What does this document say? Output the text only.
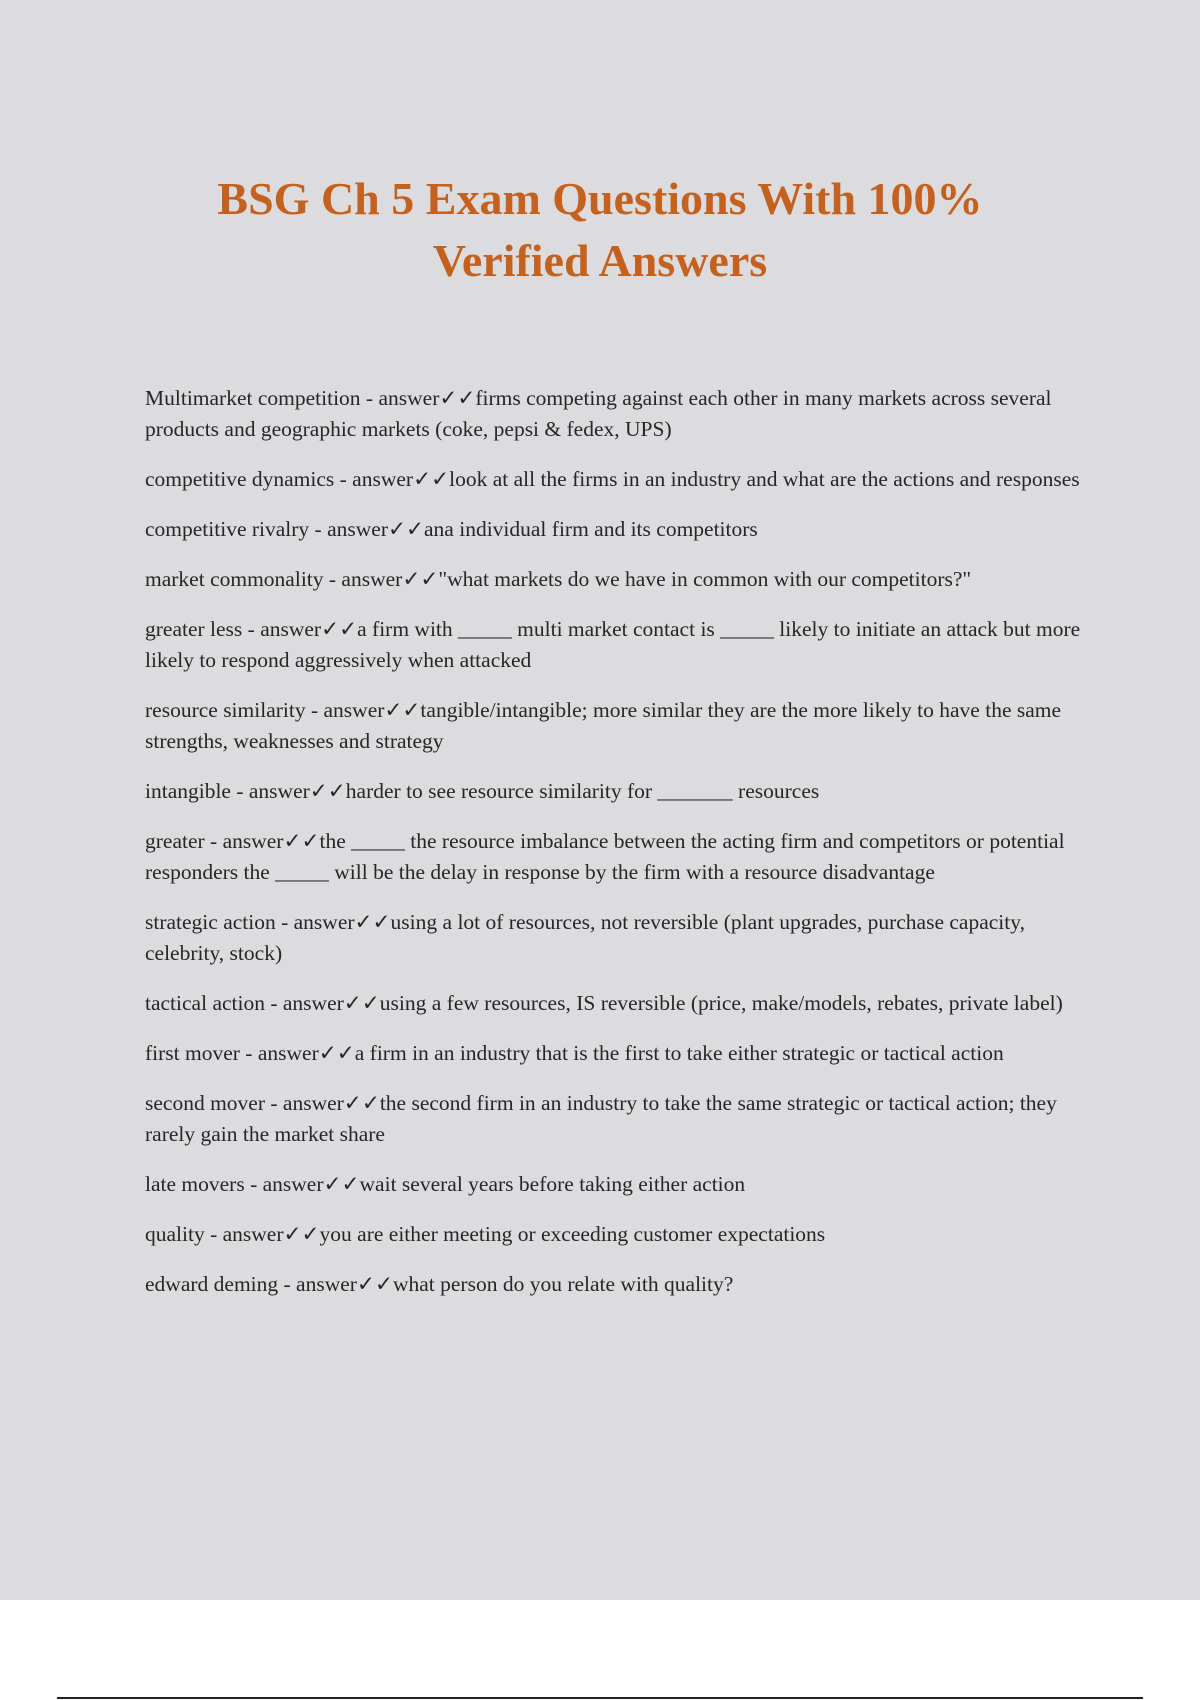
BSG Ch 5 Exam Questions With 100%
Verified Answers
Multimarket competition - answer✓✓firms competing against each other in many markets across several products and geographic markets (coke, pepsi & fedex, UPS)
competitive dynamics - answer✓✓look at all the firms in an industry and what are the actions and responses
competitive rivalry - answer✓✓ana individual firm and its competitors
market commonality - answer✓✓"what markets do we have in common with our competitors?"
greater less - answer✓✓a firm with _____ multi market contact is _____ likely to initiate an attack but more likely to respond aggressively when attacked
resource similarity - answer✓✓tangible/intangible; more similar they are the more likely to have the same strengths, weaknesses and strategy
intangible - answer✓✓harder to see resource similarity for _______ resources
greater - answer✓✓the _____ the resource imbalance between the acting firm and competitors or potential responders the _____ will be the delay in response by the firm with a resource disadvantage
strategic action - answer✓✓using a lot of resources, not reversible (plant upgrades, purchase capacity, celebrity, stock)
tactical action - answer✓✓using a few resources, IS reversible (price, make/models, rebates, private label)
first mover - answer✓✓a firm in an industry that is the first to take either strategic or tactical action
second mover - answer✓✓the second firm in an industry to take the same strategic or tactical action; they rarely gain the market share
late movers - answer✓✓wait several years before taking either action
quality - answer✓✓you are either meeting or exceeding customer expectations
edward deming - answer✓✓what person do you relate with quality?
